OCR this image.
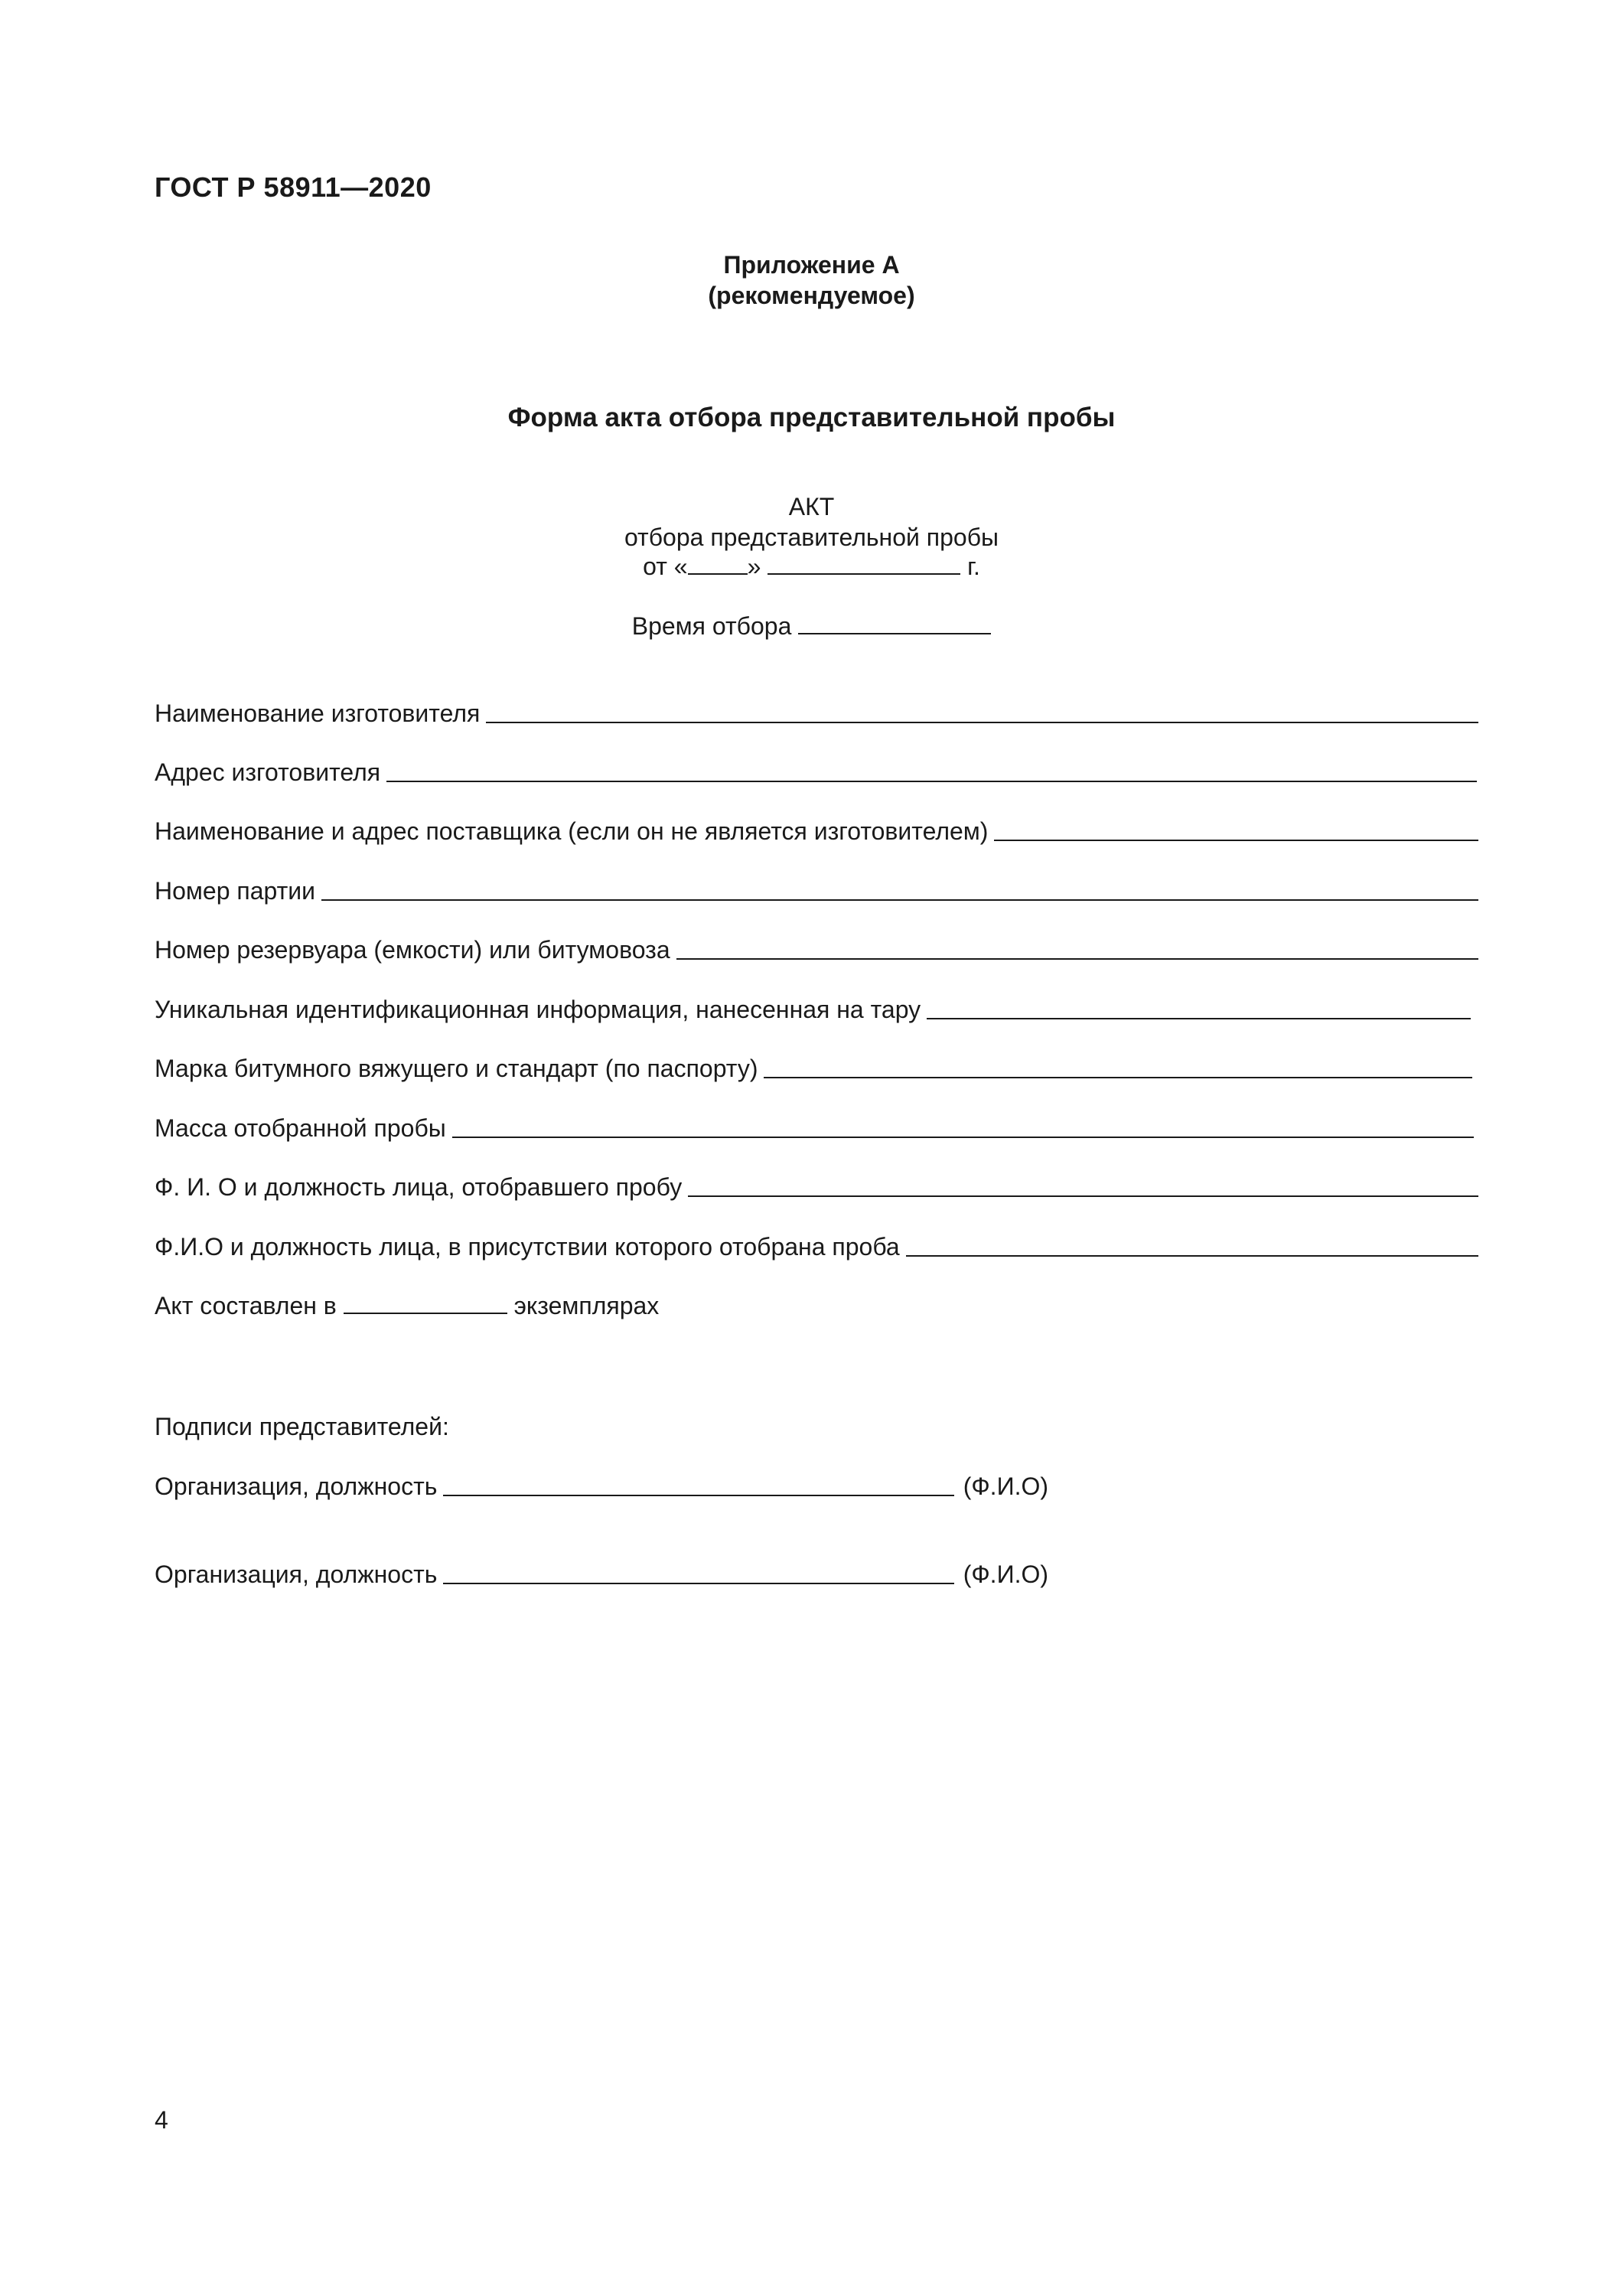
ГОСТ Р 58911—2020
Приложение А
(рекомендуемое)
Форма акта отбора представительной пробы
АКТ
отбора представительной пробы
от « »	г.
Время отбора
Наименование изготовителя
Адрес изготовителя
Наименование и адрес поставщика (если он не является изготовителем)
Номер партии
Номер резервуара (емкости) или битумовоза
Уникальная идентификационная информация, нанесенная на тару
Марка битумного вяжущего и стандарт (по паспорту)
Масса отобранной пробы
Ф. И. О и должность лица, отобравшего пробу
Ф.И.О и должность лица, в присутствии которого отобрана проба
Акт составлен в	экземплярах
Подписи представителей:
Организация, должность	(Ф.И.О)
Организация, должность	(Ф.И.О)
4
